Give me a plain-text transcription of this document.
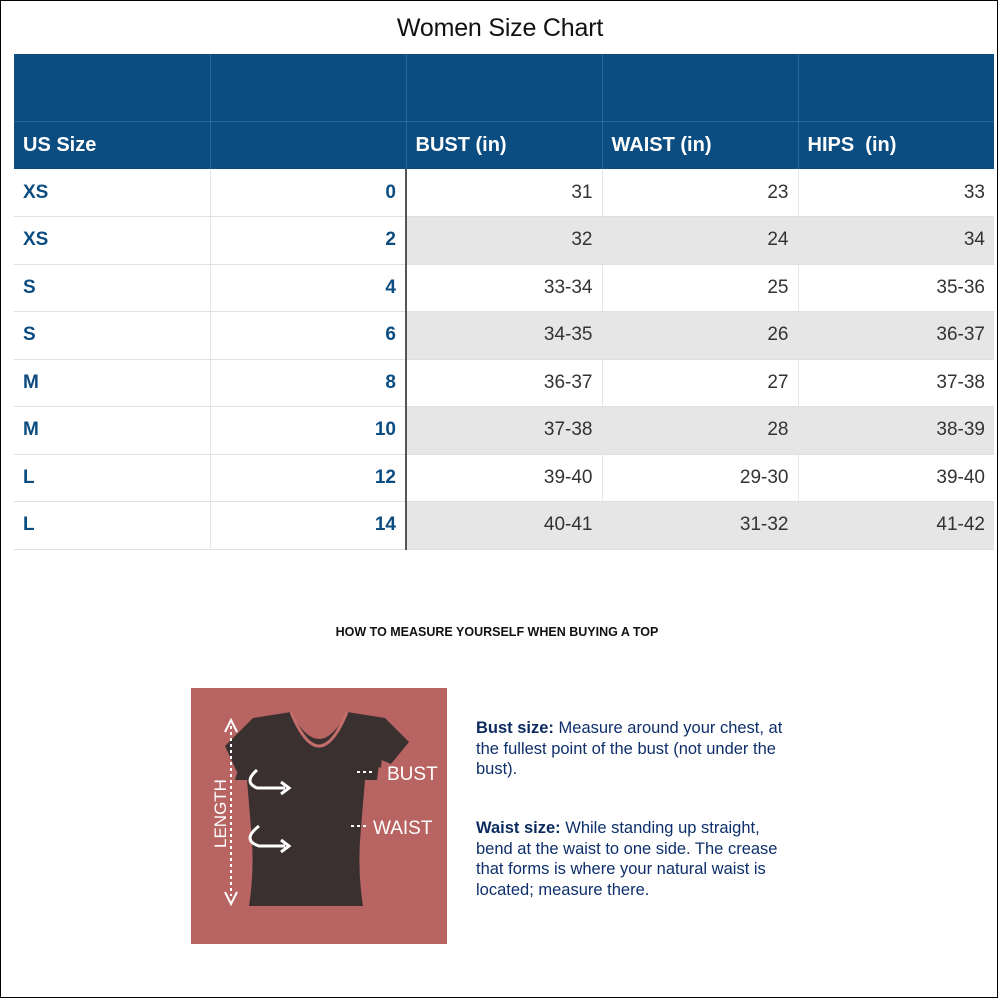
Women Size Chart

US Size		BUST (in)	WAIST (in)	HIPS  (in)
XS	0	31	23	33
XS	2	32	24	34
S	4	33-34	25	35-36
S	6	34-35	26	36-37
M	8	36-37	27	37-38
M	10	37-38	28	38-39
L	12	39-40	29-30	39-40
L	14	40-41	31-32	41-42
HOW TO MEASURE YOURSELF WHEN BUYING A TOP
BUST
WAIST
LENGTH
Bust size: Measure around your chest, at the fullest point of the bust (not under the bust).
Waist size: While standing up straight, bend at the waist to one side. The crease that forms is where your natural waist is located; measure there.
